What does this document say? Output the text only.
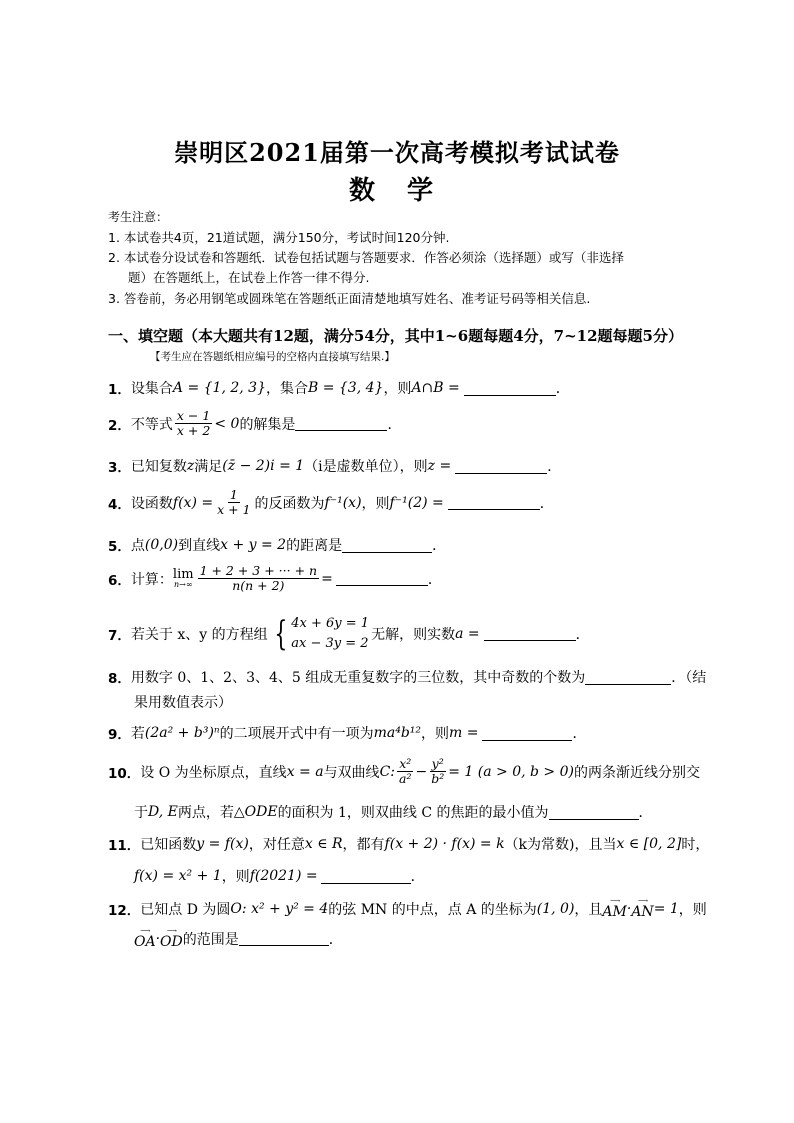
崇明区2021届第一次高考模拟考试试卷
数学
考生注意：
1. 本试卷共4页，21道试题，满分150分，考试时间120分钟.
2. 本试卷分设试卷和答题纸．试卷包括试题与答题要求．作答必须涂（选择题）或写（非选择
题）在答题纸上，在试卷上作答一律不得分.
3. 答卷前，务必用钢笔或圆珠笔在答题纸正面清楚地填写姓名、准考证号码等相关信息.
一、填空题（本大题共有12题，满分54分，其中1~6题每题4分，7~12题每题5分）
【考生应在答题纸相应编号的空格内直接填写结果.】
1． 设集合 A = {1, 2, 3} ，集合 B = {3, 4} ，则 A∩B =	．
2． 不等式 $\frac{x - 1}{x + 2} < 0$ 的解集是	．
3． 已知复数 z 满足 (z̄ − 2)i = 1 （i是虚数单位），则 z =	．
4． 设函数 $f(x) = \frac{1}{x + 1}$ 的反函数为 f⁻¹(x) ，则 f⁻¹(2) =	．
5． 点 (0,0) 到直线 x + y = 2 的距离是	．
6． 计算： lim
$n\to\infty \frac{1 + 2 + 3 + \cdot\cdot\cdot + n}{n(n + 2)}$ =	．
7． 若关于 x、y 的方程组 { 4x + 6y = 1
ax − 3y = 2
无解，则实数 a =	．
8． 用数字 0、1、2、3、4、5 组成无重复数字的三位数，其中奇数的个数为	．（结
果用数值表示）
9． 若 (2a² + b³)ⁿ 的二项展开式中有一项为 ma⁴b¹² ，则 m =	．
10． 设 O 为坐标原点，直线 x = a 与双曲线 C: $\frac{\text{x²}}{\text{a²}} - \frac{\text{y²}}{\text{b²}} = 1$ (a > 0, b > 0) 的两条渐近线分别交
于 D, E 两点，若 △ODE 的面积为 1，则双曲线 C 的焦距的最小值为	．
11． 已知函数 y = f(x) ，对任意 x ∈ R ，都有 f(x + 2) · f(x) = k （k为常数)，且当 x ∈ [0, 2] 时，
f(x) = x² + 1 ，则 f(2021) =	．
12． 已知点 D 为圆 O: x² + y² = 4 的弦 MN 的中点，点 A 的坐标为 (1, 0) ，且
⟶
AM · ⟶
AN = 1 ，则
⟶
OA · ⟶
OD 的范围是	．
